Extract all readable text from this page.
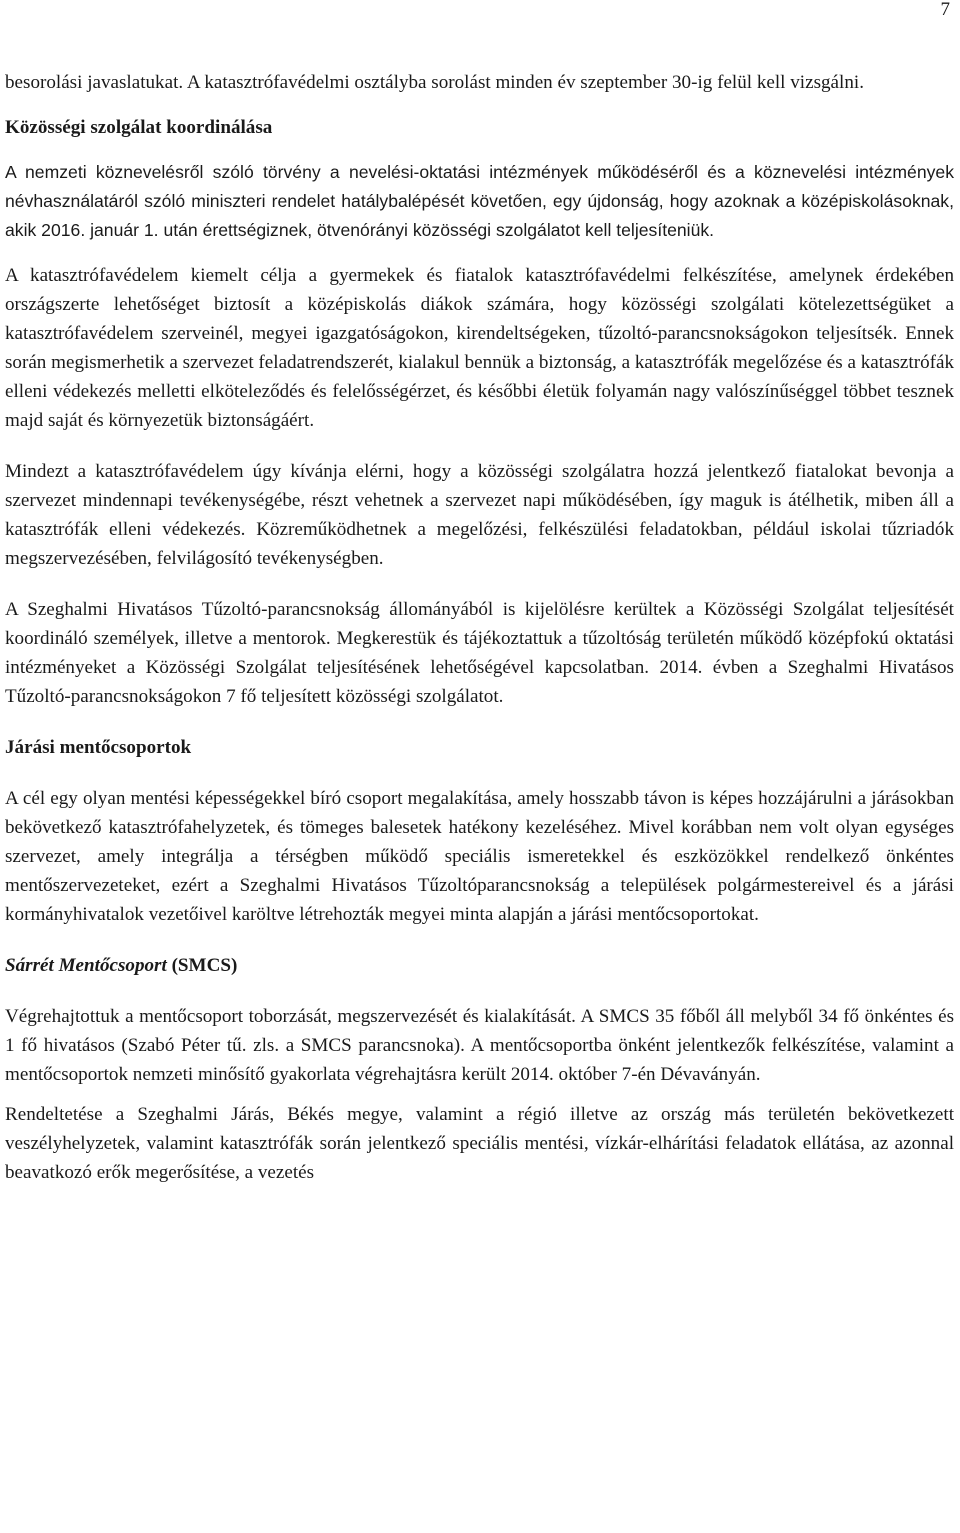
7

besorolási javaslatukat. A katasztrófavédelmi osztályba sorolást minden év szeptember 30-ig felül kell vizsgálni.

Közösségi szolgálat koordinálása

A nemzeti köznevelésről szóló törvény a nevelési-oktatási intézmények működéséről és a köznevelési intézmények névhasználatáról szóló miniszteri rendelet hatálybalépését követően, egy újdonság, hogy azoknak a középiskolásoknak, akik 2016. január 1. után érettségiznek, ötvenórányi közösségi szolgálatot kell teljesíteniük.

A katasztrófavédelem kiemelt célja a gyermekek és fiatalok katasztrófavédelmi felkészítése, amelynek érdekében országszerte lehetőséget biztosít a középiskolás diákok számára, hogy közösségi szolgálati kötelezettségüket a katasztrófavédelem szerveinél, megyei igazgatóságokon, kirendeltségeken, tűzoltó-parancsnokságokon teljesítsék. Ennek során megismerhetik a szervezet feladatrendszerét, kialakul bennük a biztonság, a katasztrófák megelőzése és a katasztrófák elleni védekezés melletti elköteleződés és felelősségérzet, és későbbi életük folyamán nagy valószínűséggel többet tesznek majd saját és környezetük biztonságáért.

Mindezt a katasztrófavédelem úgy kívánja elérni, hogy a közösségi szolgálatra hozzá jelentkező fiatalokat bevonja a szervezet mindennapi tevékenységébe, részt vehetnek a szervezet napi működésében, így maguk is átélhetik, miben áll a katasztrófák elleni védekezés. Közreműködhetnek a megelőzési, felkészülési feladatokban, például iskolai tűzriadók megszervezésében, felvilágosító tevékenységben.

A Szeghalmi Hivatásos Tűzoltó-parancsnokság állományából is kijelölésre kerültek a Közösségi Szolgálat teljesítését koordináló személyek, illetve a mentorok. Megkerestük és tájékoztattuk a tűzoltóság területén működő középfokú oktatási intézményeket a Közösségi Szolgálat teljesítésének lehetőségével kapcsolatban. 2014. évben a Szeghalmi Hivatásos Tűzoltó-parancsnokságokon 7 fő teljesített közösségi szolgálatot.

Járási mentőcsoportok

A cél egy olyan mentési képességekkel bíró csoport megalakítása, amely hosszabb távon is képes hozzájárulni a járásokban bekövetkező katasztrófahelyzetek, és tömeges balesetek hatékony kezeléséhez. Mivel korábban nem volt olyan egységes szervezet, amely integrálja a térségben működő speciális ismeretekkel és eszközökkel rendelkező önkéntes mentőszervezeteket, ezért a Szeghalmi Hivatásos Tűzoltóparancsnokság a települések polgármestereivel és a járási kormányhivatalok vezetőivel karöltve létrehozták megyei minta alapján a járási mentőcsoportokat.

Sárrét Mentőcsoport (SMCS)

Végrehajtottuk a mentőcsoport toborzását, megszervezését és kialakítását. A SMCS 35 főből áll melyből 34 fő önkéntes és 1 fő hivatásos (Szabó Péter tű. zls. a SMCS parancsnoka). A mentőcsoportba önként jelentkezők felkészítése, valamint a mentőcsoportok nemzeti minősítő gyakorlata végrehajtásra került 2014. október 7-én Dévaványán.

Rendeltetése a Szeghalmi Járás, Békés megye, valamint a régió illetve az ország más területén bekövetkezett veszélyhelyzetek, valamint katasztrófák során jelentkező speciális mentési, vízkár-elhárítási feladatok ellátása, az azonnal beavatkozó erők megerősítése, a vezetés
